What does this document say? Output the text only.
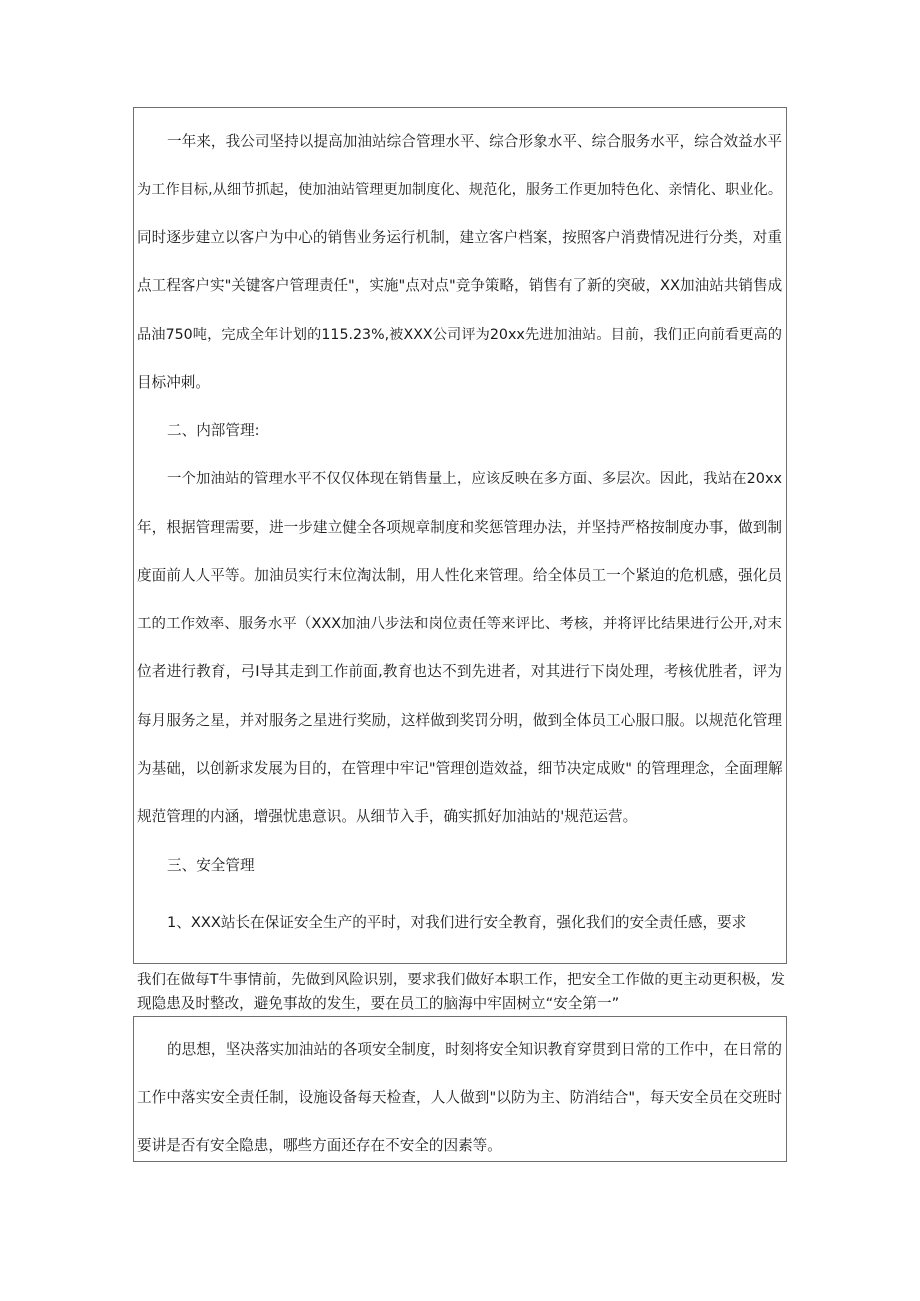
一年来，我公司坚持以提高加油站综合管理水平、综合形象水平、综合服务水平，综合效益水平
为工作目标,从细节抓起，使加油站管理更加制度化、规范化，服务工作更加特色化、亲情化、职业化。
同时逐步建立以客户为中心的销售业务运行机制，建立客户档案，按照客户消费情况进行分类，对重
点工程客户实"关键客户管理责任"，实施"点对点"竞争策略，销售有了新的突破，XX加油站共销售成
品油750吨，完成全年计划的115.23%,被XXX公司评为20xx先进加油站。目前，我们正向前看更高的
目标冲刺。
二、内部管理:
一个加油站的管理水平不仅仅体现在销售量上，应该反映在多方面、多层次。因此，我站在20xx
年，根据管理需要，进一步建立健全各项规章制度和奖惩管理办法，并坚持严格按制度办事，做到制
度面前人人平等。加油员实行末位淘汰制，用人性化来管理。给全体员工一个紧迫的危机感，强化员
工的工作效率、服务水平（XXX加油八步法和岗位责任等来评比、考核，并将评比结果进行公开,对末
位者进行教育，弓I导其走到工作前面,教育也达不到先进者，对其进行下岗处理，考核优胜者，评为
每月服务之星，并对服务之星进行奖励，这样做到奖罚分明，做到全体员工心服口服。以规范化管理
为基础，以创新求发展为目的，在管理中牢记"管理创造效益，细节决定成败" 的管理理念，全面理解
规范管理的内涵，增强忧患意识。从细节入手，确实抓好加油站的'规范运营。
三、安全管理
1、XXX站长在保证安全生产的平时，对我们进行安全教育，强化我们的安全责任感，要求
我们在做每T牛事情前，先做到风险识别，要求我们做好本职工作，把安全工作做的更主动更积极，发
现隐患及时整改，避免事故的发生，要在员工的脑海中牢固树立“安全第一”
的思想，坚决落实加油站的各项安全制度，时刻将安全知识教育穿贯到日常的工作中，在日常的
工作中落实安全责任制，设施设备每天检查，人人做到"以防为主、防消结合"，每天安全员在交班时
要讲是否有安全隐患，哪些方面还存在不安全的因素等。
